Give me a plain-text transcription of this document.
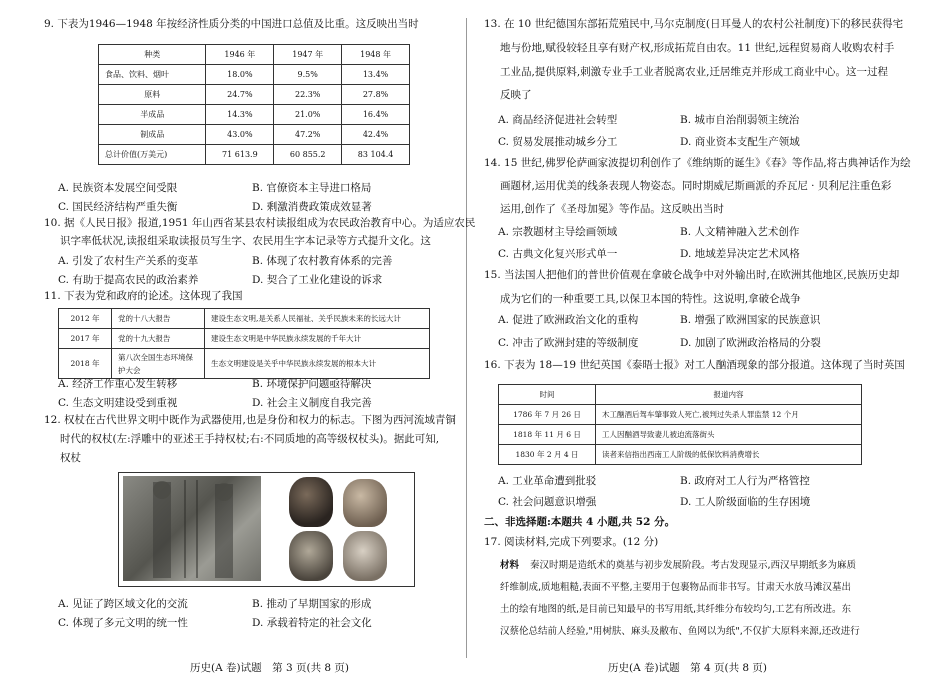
9. 下表为1946—1948 年按经济性质分类的中国进口总值及比重。这反映出当时
种类	1946 年	1947 年	1948 年
食品、饮料、烟叶	18.0%	9.5%	13.4%
原料	24.7%	22.3%	27.8%
半成品	14.3%	21.0%	16.4%
制成品	43.0%	47.2%	42.4%
总计价值(万美元)	71 613.9	60 855.2	83 104.4
A. 民族资本发展空间受限	B. 官僚资本主导进口格局
C. 国民经济结构严重失衡	D. 剩激消费政策成效显著
10. 据《人民日报》报道,1951 年山西省某县农村读报组成为农民政治教育中心。为适应农民
识字率低状况,读报组采取读报员写生字、农民用生字本记录等方式提升文化。这
A. 引发了农村生产关系的变革	B. 体现了农村教育体系的完善
C. 有助于提高农民的政治素养	D. 契合了工业化建设的诉求
11. 下表为党和政府的论述。这体现了我国
2012 年	党的十八大报告	建设生态文明,是关系人民福祉、关乎民族未来的长远大计
2017 年	党的十九大报告	建设生态文明是中华民族永续发展的千年大计
2018 年	第八次全国生态环境保护大会	生态文明建设是关乎中华民族永续发展的根本大计
A. 经济工作重心发生转移	B. 环境保护问题亟待解决
C. 生态文明建设受到重视	D. 社会主义制度自我完善
12. 权杖在古代世界文明中既作为武器使用,也是身份和权力的标志。下图为西河流域青铜
时代的权杖(左:浮雕中的亚述王手持权杖;右:不同质地的高等级权杖头)。据此可知,
权杖
A. 见证了跨区域文化的交流	B. 推动了早期国家的形成
C. 体现了多元文明的统一性	D. 承载着特定的社会文化
历史(A 卷)试题　第 3 页(共 8 页)
13. 在 10 世纪德国东部拓荒殖民中,马尔克制度(日耳曼人的农村公社制度)下的移民获得宅
地与份地,赋役较轻且享有财产权,形成拓荒自由农。11 世纪,远程贸易商人收购农村手
工业品,提供原料,刺激专业手工业者脱离农业,迁居维克并形成工商业中心。这一过程
反映了
A. 商品经济促进社会转型	B. 城市自治削弱领主统治
C. 贸易发展推动城乡分工	D. 商业资本支配生产领域
14. 15 世纪,佛罗伦萨画家波提切利创作了《维纳斯的诞生》《春》等作品,将古典神话作为绘
画题材,运用优美的线条表现人物姿态。同时期威尼斯画派的乔瓦尼 · 贝利尼注重色彩
运用,创作了《圣母加冕》等作品。这反映出当时
A. 宗教题材主导绘画领域	B. 人文精神融入艺术创作
C. 古典文化复兴形式单一	D. 地域差异决定艺术风格
15. 当法国人把他们的普世价值观在拿破仑战争中对外输出时,在欧洲其他地区,民族历史却
成为它们的一种重要工具,以保卫本国的特性。这说明,拿破仑战争
A. 促进了欧洲政治文化的重构	B. 增强了欧洲国家的民族意识
C. 冲击了欧洲封建的等级制度	D. 加剧了欧洲政治格局的分裂
16. 下表为 18—19 世纪英国《泰晤士报》对工人酗酒现象的部分报道。这体现了当时英国
时间	报道内容
1786 年 7 月 26 日	木工酗酒后驾车肇事致人死亡,被判过失杀人罪监禁 12 个月
1818 年 11 月 6 日	工人因酗酒导致妻儿被迫流落街头
1830 年 2 月 4 日	读者来信指出西南工人阶级的低保饮料消费增长
A. 工业革命遭到批驳	B. 政府对工人行为严格管控
C. 社会问题意识增强	D. 工人阶级面临的生存困境
二、非选择题:本题共 4 小题,共 52 分。
17. 阅读材料,完成下列要求。(12 分)
材料 秦汉时期是造纸术的奠基与初步发展阶段。考古发现显示,西汉早期纸多为麻质
纤维制成,质地粗糙,表面不平整,主要用于包裹物品而非书写。甘肃天水放马滩汉墓出
土的绘有地图的纸,是目前已知最早的书写用纸,其纤维分布较均匀,工艺有所改进。东
汉蔡伦总结前人经验,"用树肤、麻头及敝布、鱼网以为纸",不仅扩大原料来源,还改进行
历史(A 卷)试题　第 4 页(共 8 页)
